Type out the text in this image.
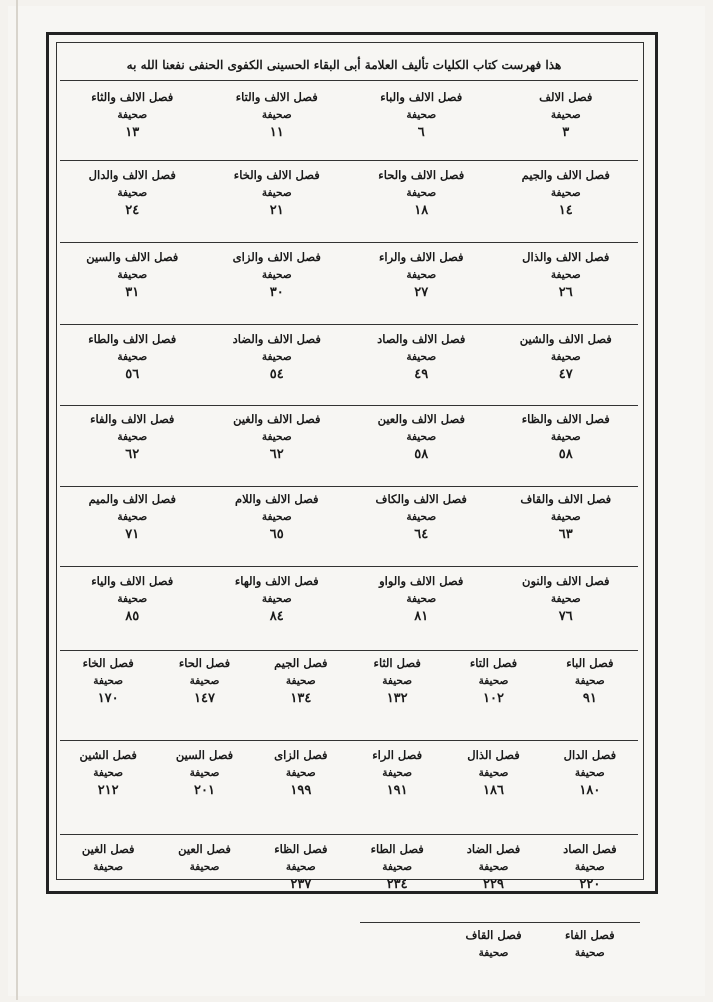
هذا فهرست كتاب الكليات تأليف العلامة أبى البقاء الحسينى الكفوى الحنفى نفعنا الله به
فصل الالف
صحيفة
٣
فصل الالف والباء
صحيفة
٦
فصل الالف والتاء
صحيفة
١١
فصل الالف والثاء
صحيفة
١٣
فصل الالف والجيم
صحيفة
١٤
فصل الالف والحاء
صحيفة
١٨
فصل الالف والخاء
صحيفة
٢١
فصل الالف والدال
صحيفة
٢٤
فصل الالف والذال
صحيفة
٢٦
فصل الالف والراء
صحيفة
٢٧
فصل الالف والزاى
صحيفة
٣٠
فصل الالف والسين
صحيفة
٣١
فصل الالف والشين
صحيفة
٤٧
فصل الالف والصاد
صحيفة
٤٩
فصل الالف والضاد
صحيفة
٥٤
فصل الالف والطاء
صحيفة
٥٦
فصل الالف والظاء
صحيفة
٥٨
فصل الالف والعين
صحيفة
٥٨
فصل الالف والغين
صحيفة
٦٢
فصل الالف والفاء
صحيفة
٦٢
فصل الالف والقاف
صحيفة
٦٣
فصل الالف والكاف
صحيفة
٦٤
فصل الالف واللام
صحيفة
٦٥
فصل الالف والميم
صحيفة
٧١
فصل الالف والنون
صحيفة
٧٦
فصل الالف والواو
صحيفة
٨١
فصل الالف والهاء
صحيفة
٨٤
فصل الالف والياء
صحيفة
٨٥
فصل الباء
صحيفة
٩١
فصل التاء
صحيفة
١٠٢
فصل الثاء
صحيفة
١٣٢
فصل الجيم
صحيفة
١٣٤
فصل الحاء
صحيفة
١٤٧
فصل الخاء
صحيفة
١٧٠
فصل الدال
صحيفة
١٨٠
فصل الذال
صحيفة
١٨٦
فصل الراء
صحيفة
١٩١
فصل الزاى
صحيفة
١٩٩
فصل السين
صحيفة
٢٠١
فصل الشين
صحيفة
٢١٢
فصل الصاد
صحيفة
٢٢٠
فصل الضاد
صحيفة
٢٢٩
فصل الطاء
صحيفة
٢٣٤
فصل الظاء
صحيفة
٢٣٧
فصل العين
صحيفة
فصل الغين
صحيفة
فصل الفاء
صحيفة
فصل القاف
صحيفة
